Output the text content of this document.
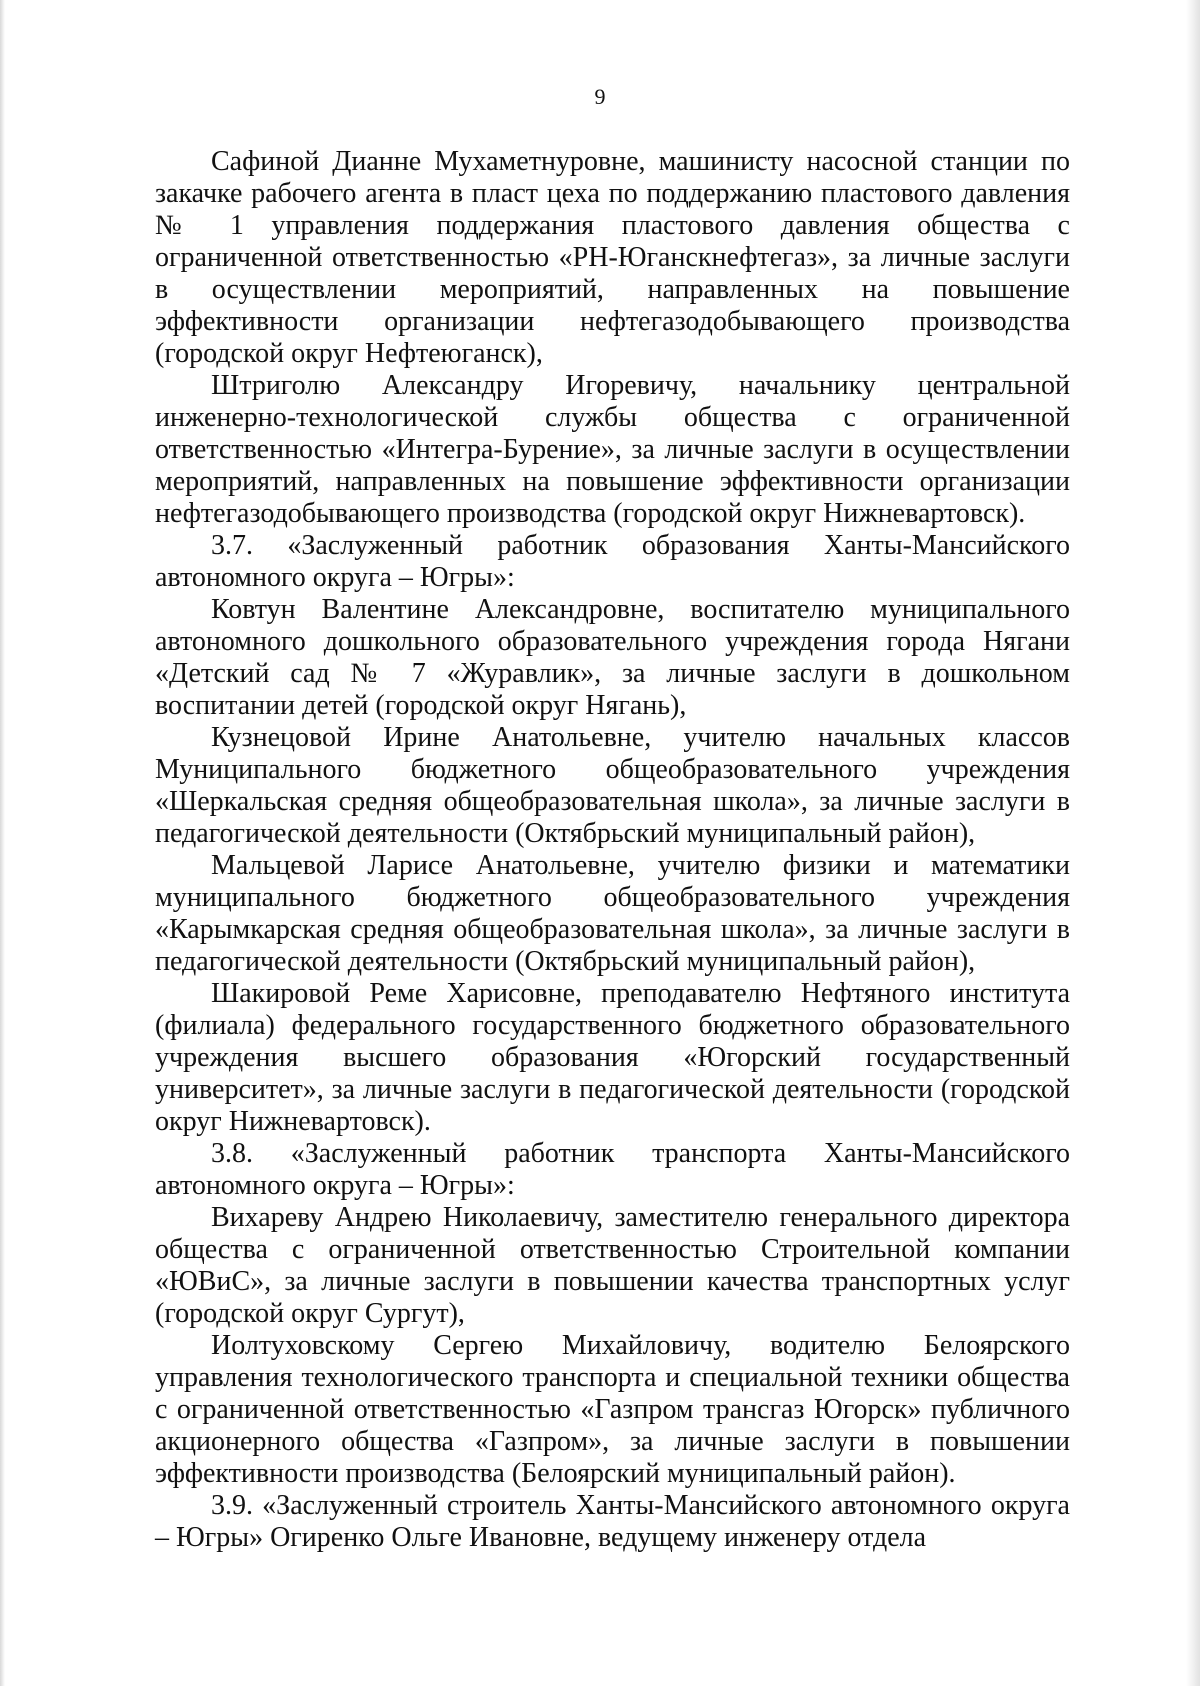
9

Сафиной Дианне Мухаметнуровне, машинисту насосной станции по закачке рабочего агента в пласт цеха по поддержанию пластового давления № 1 управления поддержания пластового давления общества с ограниченной ответственностью «РН-Юганскнефтегаз», за личные заслуги в осуществлении мероприятий, направленных на повышение эффективности организации нефтегазодобывающего производства (городской округ Нефтеюганск),

Штриголю Александру Игоревичу, начальнику центральной инженерно-технологической службы общества с ограниченной ответственностью «Интегра-Бурение», за личные заслуги в осуществлении мероприятий, направленных на повышение эффективности организации нефтегазодобывающего производства (городской округ Нижневартовск).

3.7. «Заслуженный работник образования Ханты-Мансийского автономного округа – Югры»:

Ковтун Валентине Александровне, воспитателю муниципального автономного дошкольного образовательного учреждения города Нягани «Детский сад № 7 «Журавлик», за личные заслуги в дошкольном воспитании детей (городской округ Нягань),

Кузнецовой Ирине Анатольевне, учителю начальных классов Муниципального бюджетного общеобразовательного учреждения «Шеркальская средняя общеобразовательная школа», за личные заслуги в педагогической деятельности (Октябрьский муниципальный район),

Мальцевой Ларисе Анатольевне, учителю физики и математики муниципального бюджетного общеобразовательного учреждения «Карымкарская средняя общеобразовательная школа», за личные заслуги в педагогической деятельности (Октябрьский муниципальный район),

Шакировой Реме Харисовне, преподавателю Нефтяного института (филиала) федерального государственного бюджетного образовательного учреждения высшего образования «Югорский государственный университет», за личные заслуги в педагогической деятельности (городской округ Нижневартовск).

3.8. «Заслуженный работник транспорта Ханты-Мансийского автономного округа – Югры»:

Вихареву Андрею Николаевичу, заместителю генерального директора общества с ограниченной ответственностью Строительной компании «ЮВиС», за личные заслуги в повышении качества транспортных услуг (городской округ Сургут),

Иолтуховскому Сергею Михайловичу, водителю Белоярского управления технологического транспорта и специальной техники общества с ограниченной ответственностью «Газпром трансгаз Югорск» публичного акционерного общества «Газпром», за личные заслуги в повышении эффективности производства (Белоярский муниципальный район).

3.9. «Заслуженный строитель Ханты-Мансийского автономного округа – Югры» Огиренко Ольге Ивановне, ведущему инженеру отдела
